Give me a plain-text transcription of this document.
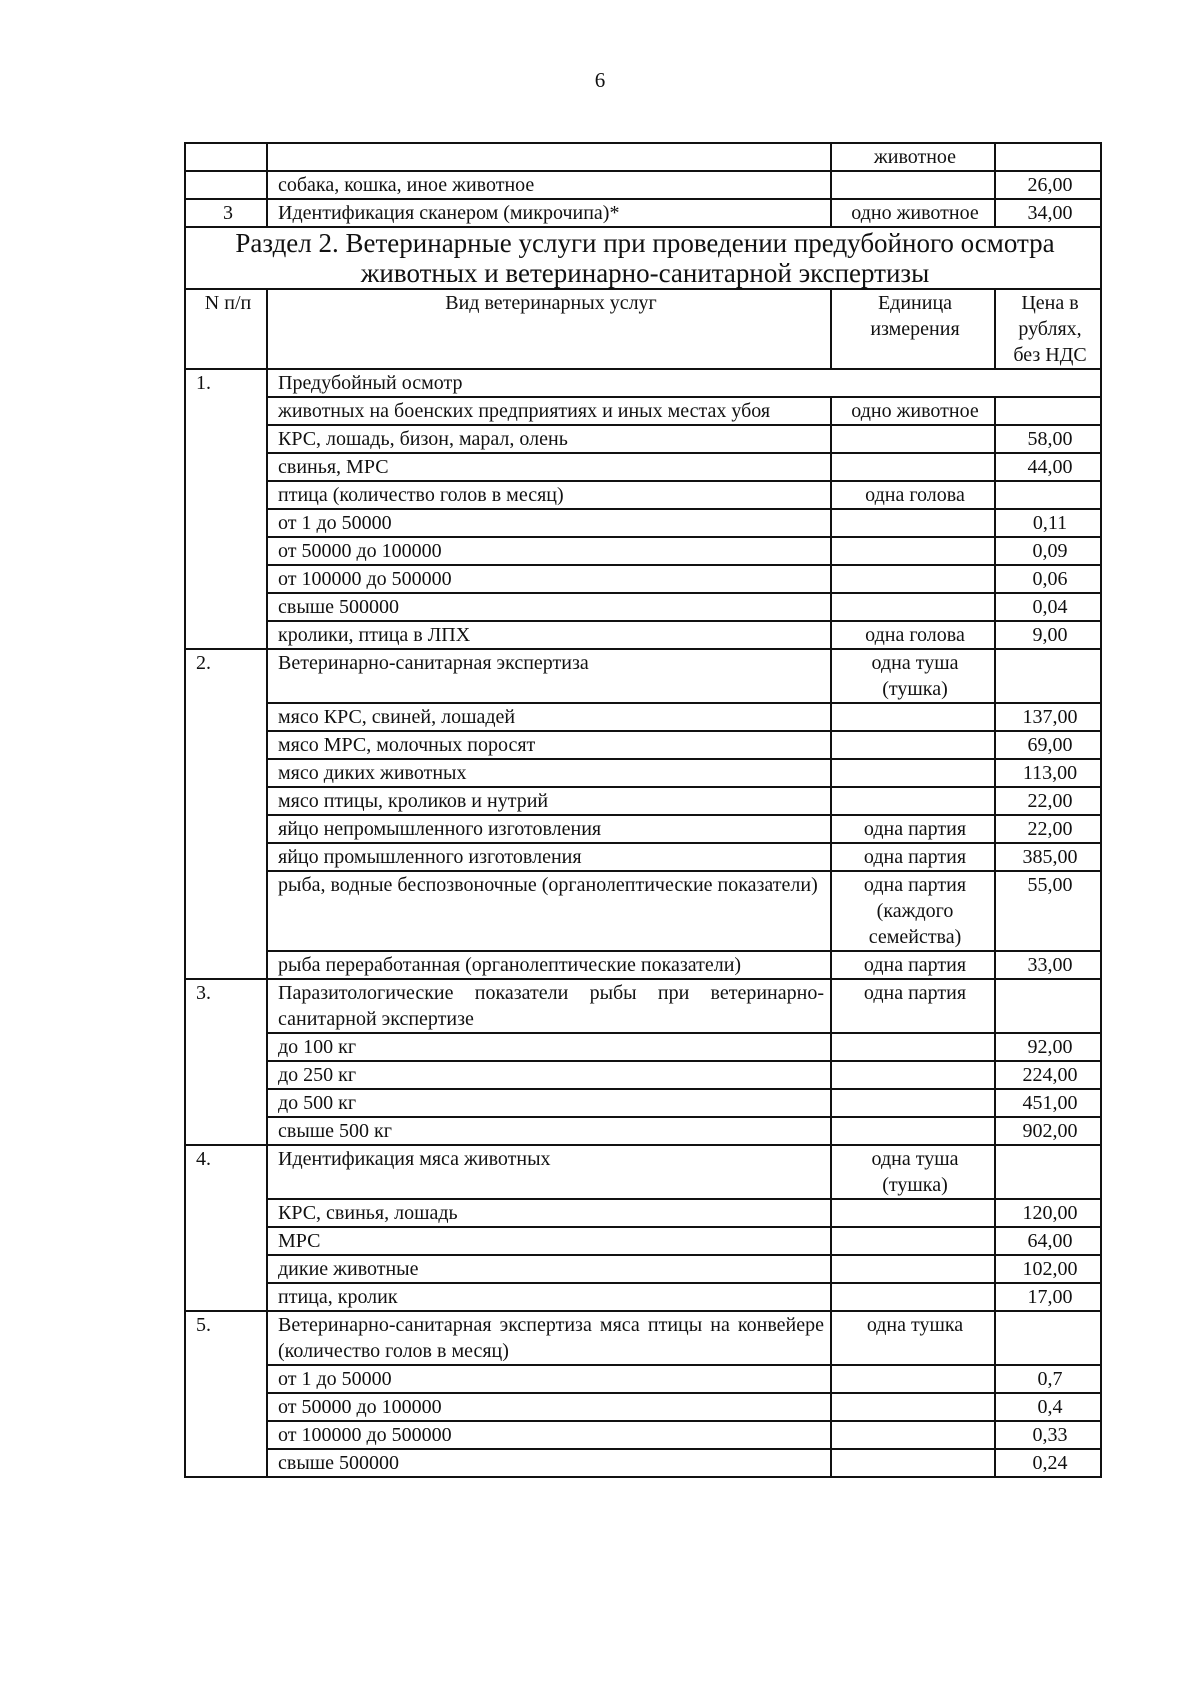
6
		животное	
	собака, кошка, иное животное		26,00
3	Идентификация сканером (микрочипа)*	одно животное	34,00
Раздел 2. Ветеринарные услуги при проведении предубойного осмотра животных и ветеринарно-санитарной экспертизы			
N п/п	Вид ветеринарных услуг	Единица измерения	Цена в рублях, без НДС
1.	Предубойный осмотр		
	животных на боенских предприятиях и иных местах убоя	одно животное	
	КРС, лошадь, бизон, марал, олень		58,00
	свинья, МРС		44,00
	птица (количество голов в месяц)	одна голова	
	от 1 до 50000		0,11
	от 50000 до 100000		0,09
	от 100000 до 500000		0,06
	свыше 500000		0,04
	кролики, птица в ЛПХ	одна голова	9,00
2.	Ветеринарно-санитарная экспертиза	одна туша (тушка)	
	мясо КРС, свиней, лошадей		137,00
	мясо МРС, молочных поросят		69,00
	мясо диких животных		113,00
	мясо птицы, кроликов и нутрий		22,00
	яйцо непромышленного изготовления	одна партия	22,00
	яйцо промышленного изготовления	одна партия	385,00
	рыба, водные беспозвоночные (органолептические показатели)	одна партия (каждого семейства)	55,00
	рыба переработанная (органолептические показатели)	одна партия	33,00
3.	Паразитологические показатели рыбы при ветеринарно-санитарной экспертизе	одна партия	
	до 100 кг		92,00
	до 250 кг		224,00
	до 500 кг		451,00
	свыше 500 кг		902,00
4.	Идентификация мяса животных	одна туша (тушка)	
	КРС, свинья, лошадь		120,00
	МРС		64,00
	дикие животные		102,00
	птица, кролик		17,00
5.	Ветеринарно-санитарная экспертиза мяса птицы на конвейере (количество голов в месяц)	одна тушка	
	от 1 до 50000		0,7
	от 50000 до 100000		0,4
	от 100000 до 500000		0,33
	свыше 500000		0,24
